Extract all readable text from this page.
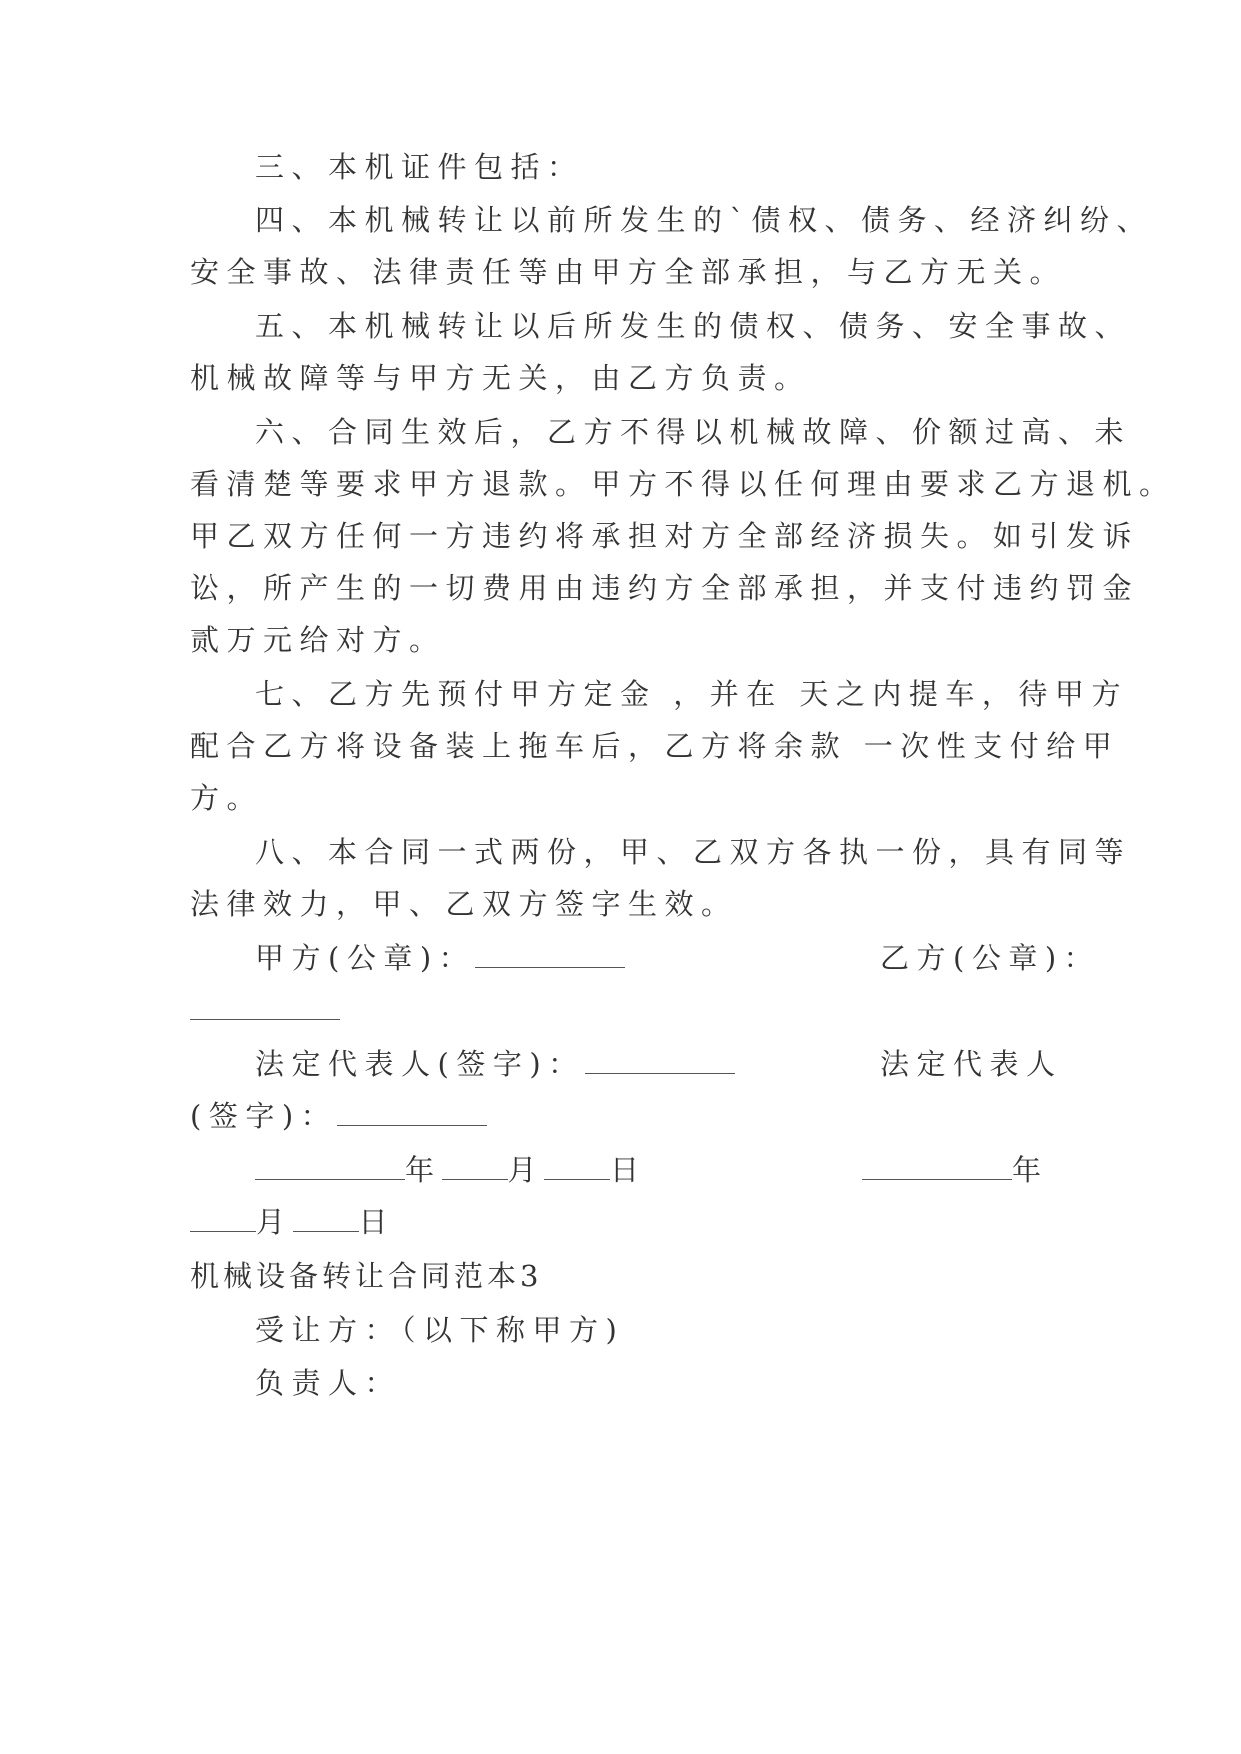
三、本机证件包括：
四、本机械转让以前所发生的`债权、债务、经济纠纷、
安全事故、法律责任等由甲方全部承担，与乙方无关。
五、本机械转让以后所发生的债权、债务、安全事故、
机械故障等与甲方无关，由乙方负责。
六、合同生效后，乙方不得以机械故障、价额过高、未
看清楚等要求甲方退款。甲方不得以任何理由要求乙方退机。
甲乙双方任何一方违约将承担对方全部经济损失。如引发诉
讼，所产生的一切费用由违约方全部承担，并支付违约罚金
贰万元给对方。
七、乙方先预付甲方定金 ，并在 天之内提车，待甲方
配合乙方将设备装上拖车后，乙方将余款 一次性支付给甲
方。
八、本合同一式两份，甲、乙双方各执一份，具有同等
法律效力，甲、乙双方签字生效。
甲方(公章)：	乙方(公章)：
法定代表人(签字)：	法定代表人
(签字)：
年 月 日	年
月 日
机械设备转让合同范本3
受让方：（以下称甲方)
负责人：
